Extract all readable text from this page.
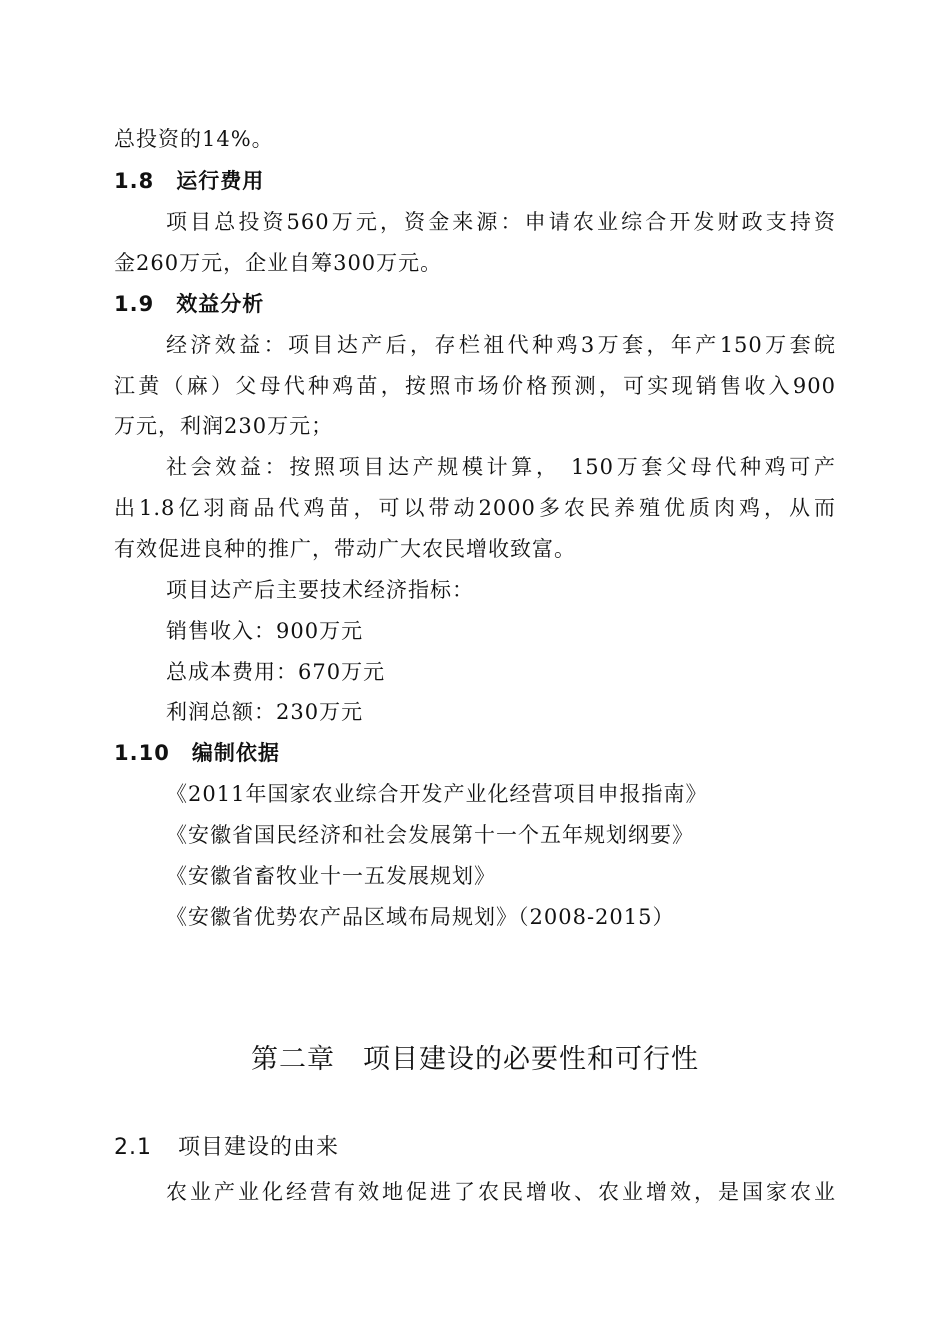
总投资的14%。
1.8 运行费用
项目总投资560万元，资金来源：申请农业综合开发财政支持资
金260万元，企业自筹300万元。
1.9 效益分析
经济效益：项目达产后，存栏祖代种鸡3万套，年产150万套皖
江黄（麻）父母代种鸡苗，按照市场价格预测，可实现销售收入900
万元，利润230万元；
社会效益：按照项目达产规模计算， 150万套父母代种鸡可产
出1.8亿羽商品代鸡苗，可以带动2000多农民养殖优质肉鸡，从而
有效促进良种的推广，带动广大农民增收致富。
项目达产后主要技术经济指标：
销售收入：900万元
总成本费用：670万元
利润总额：230万元
1.10 编制依据
《2011年国家农业综合开发产业化经营项目申报指南》
《安徽省国民经济和社会发展第十一个五年规划纲要》
《安徽省畜牧业十一五发展规划》
《安徽省优势农产品区域布局规划》（2008-2015）
第二章　项目建设的必要性和可行性
2.1 项目建设的由来
农业产业化经营有效地促进了农民增收、农业增效，是国家农业
